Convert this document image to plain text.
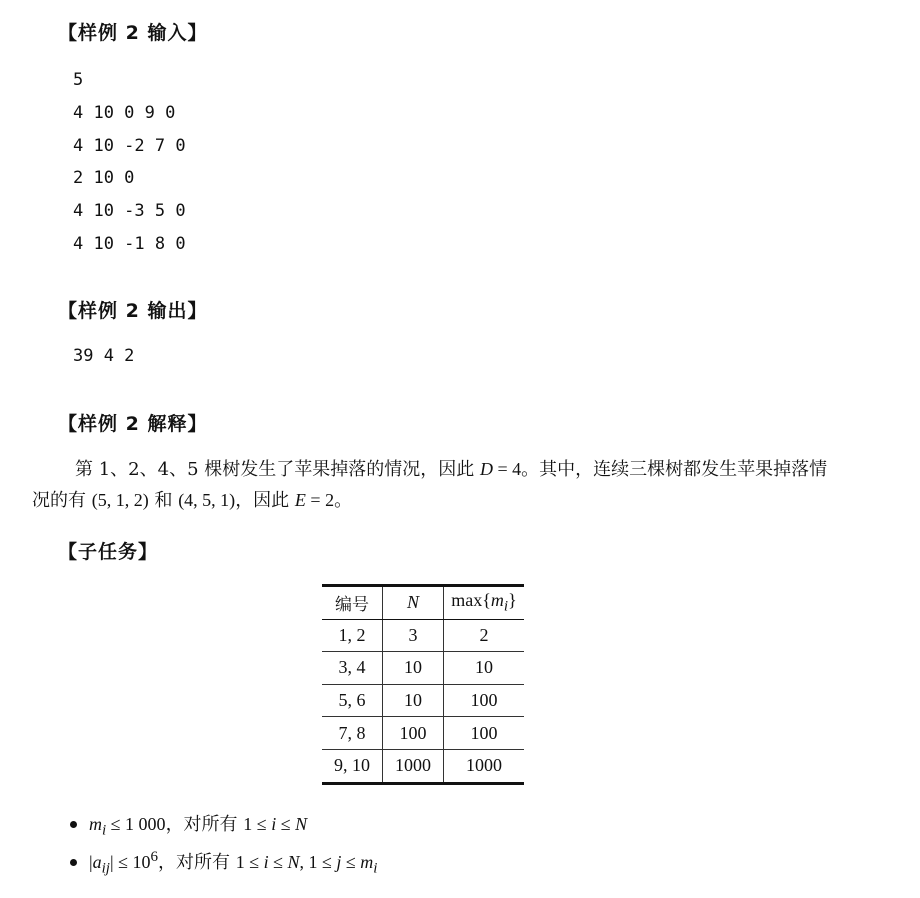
【样例 2 输入】
5
4 10 0 9 0
4 10 -2 7 0
2 10 0
4 10 -3 5 0
4 10 -1 8 0
【样例 2 输出】
39 4 2
【样例 2 解释】

第 1、2、4、5 棵树发生了苹果掉落的情况，因此 D = 4。其中，连续三棵树都发生苹果掉落情况的有 (5, 1, 2) 和 (4, 5, 1)，因此 E = 2。

【子任务】
编号	N	$\max\{m_i\}$
1, 2	3	2
3, 4	10	10
5, 6	10	100
7, 8	100	100
9, 10	1000	1000
$m_i \le 1$ 000，对所有 1 ≤ i ≤ N
$|a_{ij}| \le 10^6$，对所有 1 ≤ i ≤ N, $1 \le j \le m_i$
